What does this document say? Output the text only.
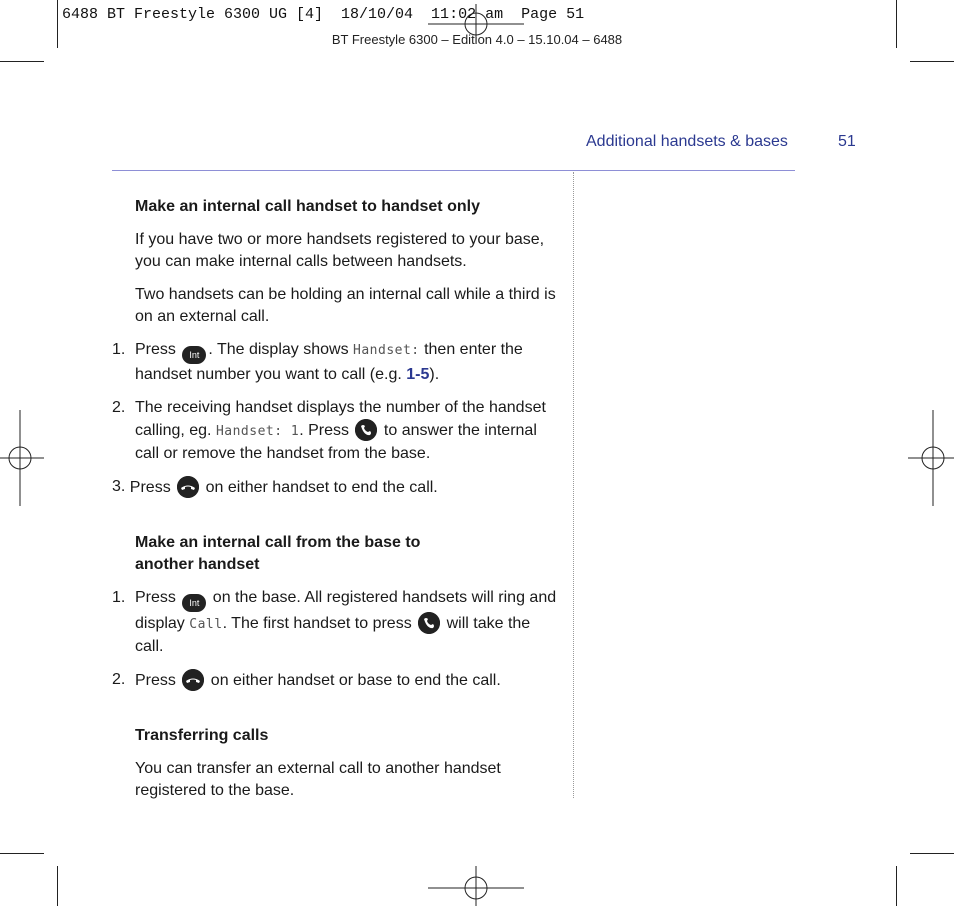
6488 BT Freestyle 6300 UG [4]  18/10/04  11:02 am  Page 51
BT Freestyle 6300 – Edition 4.0 – 15.10.04 – 6488
Additional handsets & bases	51
Make an internal call handset to handset only

If you have two or more handsets registered to your base, you can make internal calls between handsets.

Two handsets can be holding an internal call while a third is on an external call.

1. Press Int . The display shows Handset: then enter the handset number you want to call (e.g. 1-5).
2. The receiving handset displays the number of the handset calling, eg. Handset: 1. Press
to answer the internal call or remove the handset from the base.
3. Press
on either handset to end the call.
Make an internal call from the base to
another handset
1. Press Int on the base. All registered handsets will ring and display Call. The first handset to press
will take the call.
2. Press
on either handset or base to end the call.
Transferring calls

You can transfer an external call to another handset registered to the base.
